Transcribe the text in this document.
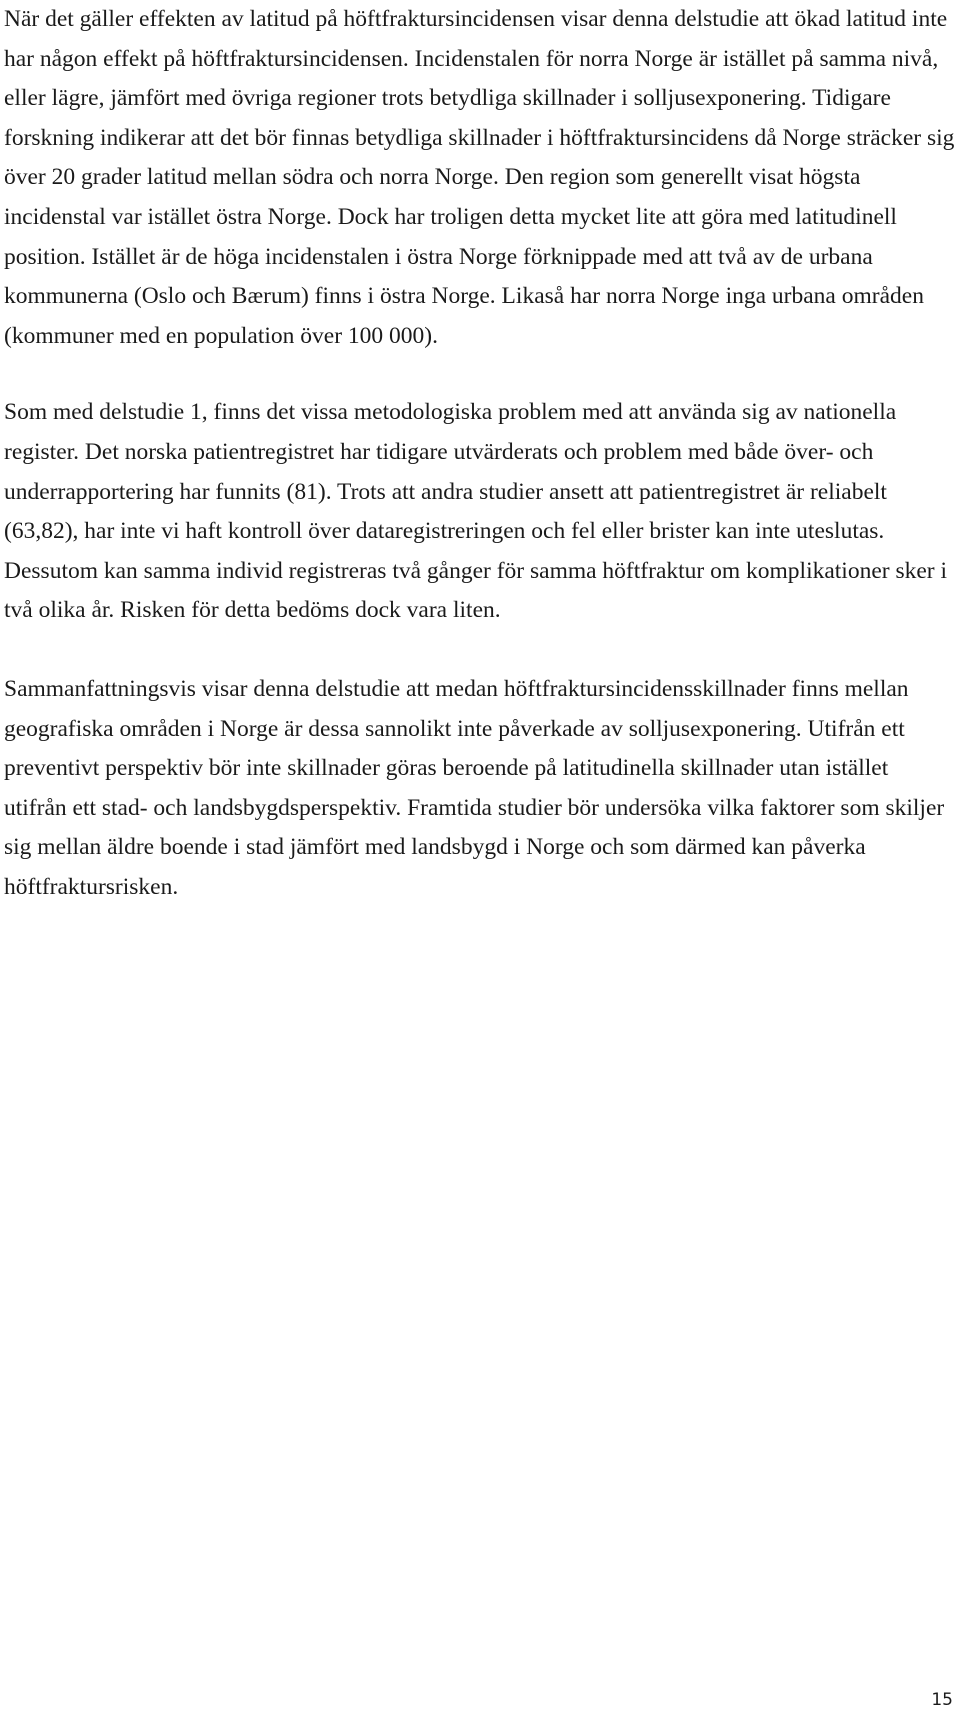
När det gäller effekten av latitud på höftfraktursincidensen visar denna delstudie att ökad latitud inte har någon effekt på höftfraktursincidensen. Incidenstalen för norra Norge är istället på samma nivå, eller lägre, jämfört med övriga regioner trots betydliga skillnader i solljusexponering. Tidigare forskning indikerar att det bör finnas betydliga skillnader i höftfraktursincidens då Norge sträcker sig över 20 grader latitud mellan södra och norra Norge. Den region som generellt visat högsta incidenstal var istället östra Norge. Dock har troligen detta mycket lite att göra med latitudinell position. Istället är de höga incidenstalen i östra Norge förknippade med att två av de urbana kommunerna (Oslo och Bærum) finns i östra Norge. Likaså har norra Norge inga urbana områden (kommuner med en population över 100 000).

Som med delstudie 1, finns det vissa metodologiska problem med att använda sig av nationella register. Det norska patientregistret har tidigare utvärderats och problem med både över- och underrapportering har funnits (81). Trots att andra studier ansett att patientregistret är reliabelt (63,82), har inte vi haft kontroll över dataregistreringen och fel eller brister kan inte uteslutas. Dessutom kan samma individ registreras två gånger för samma höftfraktur om komplikationer sker i två olika år. Risken för detta bedöms dock vara liten.

Sammanfattningsvis visar denna delstudie att medan höftfraktursincidensskillnader finns mellan geografiska områden i Norge är dessa sannolikt inte påverkade av solljusexponering. Utifrån ett preventivt perspektiv bör inte skillnader göras beroende på latitudinella skillnader utan istället utifrån ett stad- och landsbygdsperspektiv. Framtida studier bör undersöka vilka faktorer som skiljer sig mellan äldre boende i stad jämfört med landsbygd i Norge och som därmed kan påverka höftfraktursrisken.

15
